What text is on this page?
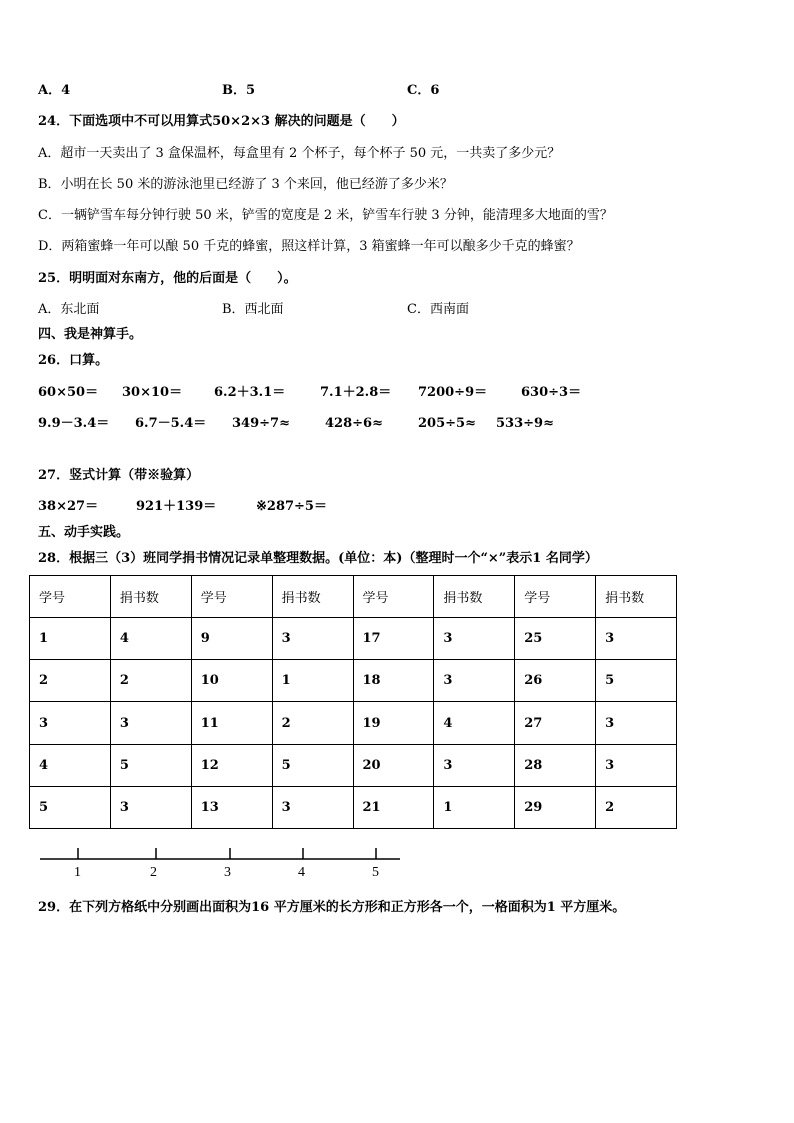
A．4	B．5	C．6
24．下面选项中不可以用算式50×2×3 解决的问题是（　　）
A．超市一天卖出了 3 盒保温杯，每盒里有 2 个杯子，每个杯子 50 元，一共卖了多少元？
B．小明在长 50 米的游泳池里已经游了 3 个来回，他已经游了多少米？
C．一辆铲雪车每分钟行驶 50 米，铲雪的宽度是 2 米，铲雪车行驶 3 分钟，能清理多大地面的雪？
D．两箱蜜蜂一年可以酿 50 千克的蜂蜜，照这样计算，3 箱蜜蜂一年可以酿多少千克的蜂蜜？
25．明明面对东南方，他的后面是（　　）。
A．东北面	B．西北面	C．西南面
四、我是神算手。
26．口算。
60×50＝ 30×10＝ 6.2＋3.1＝	7.1＋2.8＝ 7200÷9＝	630÷3＝
9.9－3.4＝ 6.7－5.4＝ 349÷7≈	428÷6≈	205÷5≈ 533÷9≈
27．竖式计算（带※验算）
38×27＝	921＋139＝	※287÷5＝
五、动手实践。
28．根据三（3）班同学捐书情况记录单整理数据。(单位：本)（整理时一个“×”表示1 名同学）
学号	捐书数	学号	捐书数	学号	捐书数	学号	捐书数
1	4	9	3	17	3	25	3
2	2	10	1	18	3	26	5
3	3	11	2	19	4	27	3
4	5	12	5	20	3	28	3
5	3	13	3	21	1	29	2
1	2	3	4	5
29．在下列方格纸中分别画出面积为16 平方厘米的长方形和正方形各一个，一格面积为1 平方厘米。
